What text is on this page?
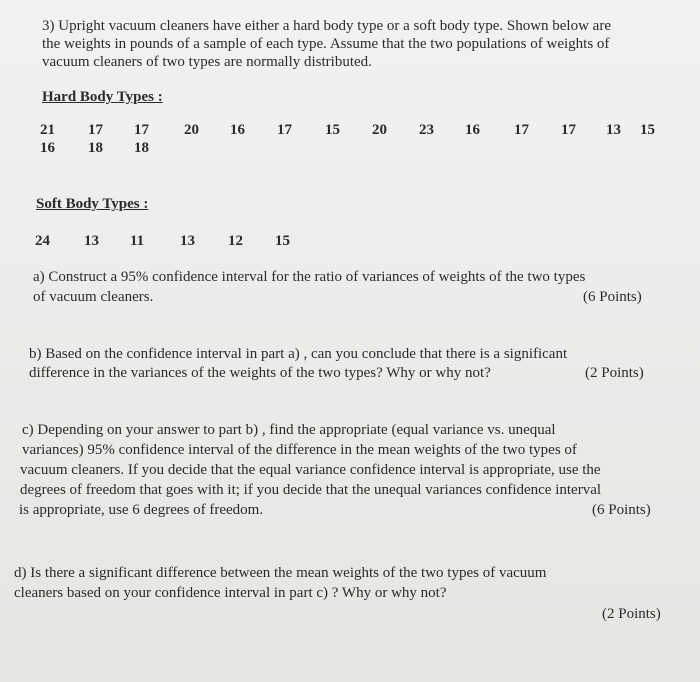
3) Upright vacuum cleaners have either a hard body type or a soft body type. Shown below are
the weights in pounds of a sample of each type. Assume that the two populations of weights of
vacuum cleaners of two types are normally distributed.
Hard Body Types :
21 17 17 20 16 17 15 20 23 16 17 17 13 15
16 18 18
Soft Body Types :
24 13 11 13 12 15
a) Construct a 95% confidence interval for the ratio of variances of weights of the two types
of vacuum cleaners.	(6 Points)
b) Based on the confidence interval in part a) , can you conclude that there is a significant
difference in the variances of the weights of the two types? Why or why not?	(2 Points)
c) Depending on your answer to part b) , find the appropriate (equal variance vs. unequal
variances) 95% confidence interval of the difference in the mean weights of the two types of
vacuum cleaners. If you decide that the equal variance confidence interval is appropriate, use the
degrees of freedom that goes with it; if you decide that the unequal variances confidence interval
is appropriate, use 6 degrees of freedom.	(6 Points)
d) Is there a significant difference between the mean weights of the two types of vacuum
cleaners based on your confidence interval in part c) ? Why or why not?
(2 Points)
